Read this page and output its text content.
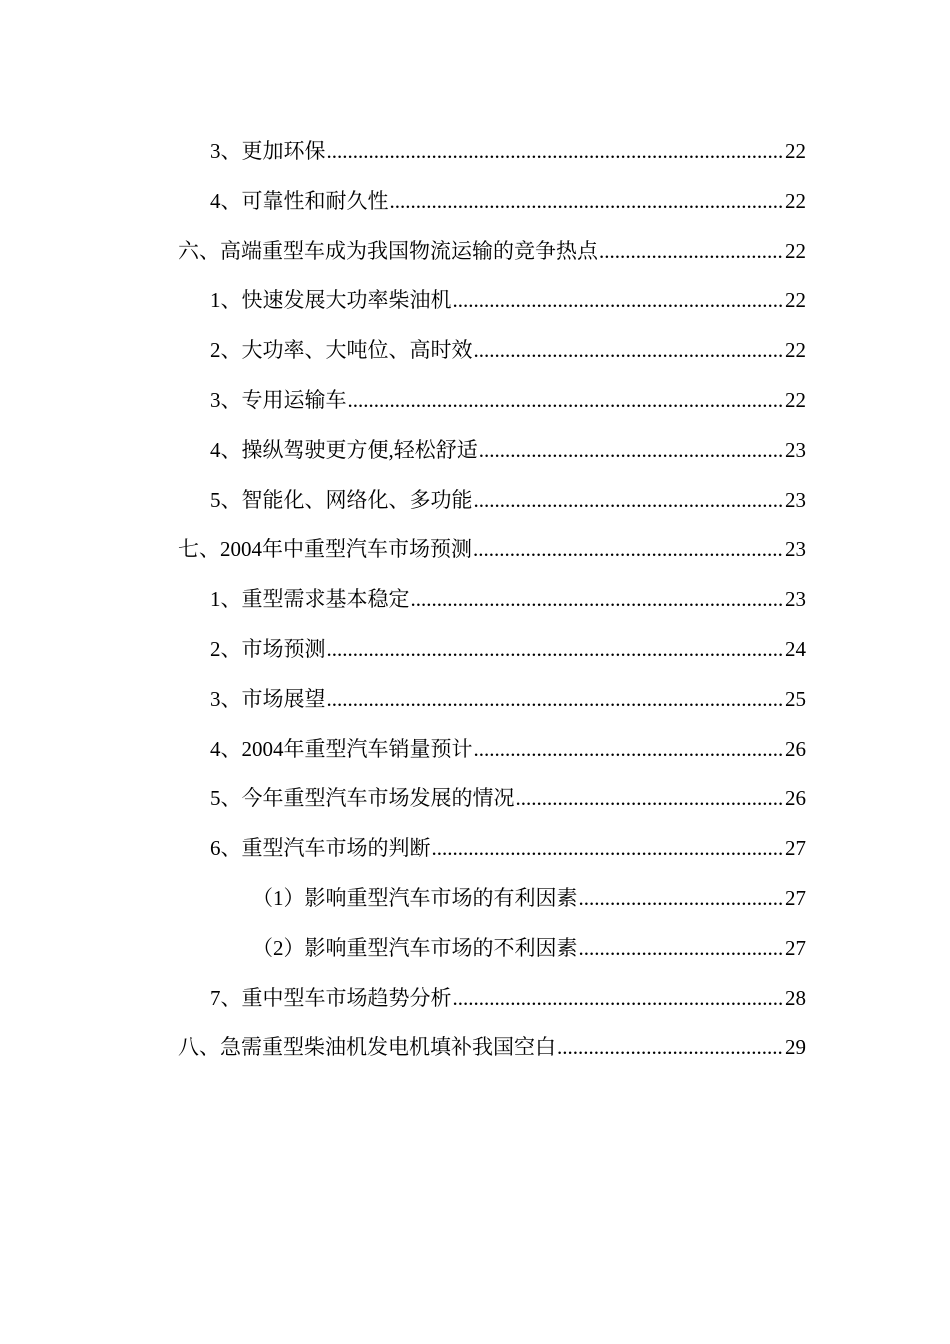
3、更加环保 .....	22
4、可靠性和耐久性 .....	22
六、高端重型车成为我国物流运输的竞争热点 .....	22
1、快速发展大功率柴油机 .....	22
2、大功率、大吨位、高时效 .....	22
3、专用运输车 .....	22
4、操纵驾驶更方便,轻松舒适 .....	23
5、智能化、网络化、多功能 .....	23
七、2004年中重型汽车市场预测 .....	23
1、重型需求基本稳定 .....	23
2、市场预测 .....	24
3、市场展望 .....	25
4、2004年重型汽车销量预计 .....	26
5、今年重型汽车市场发展的情况 .....	26
6、重型汽车市场的判断 .....	27
（1）影响重型汽车市场的有利因素 .....	27
（2）影响重型汽车市场的不利因素 .....	27
7、重中型车市场趋势分析 .....	28
八、急需重型柴油机发电机填补我国空白 .....	29
